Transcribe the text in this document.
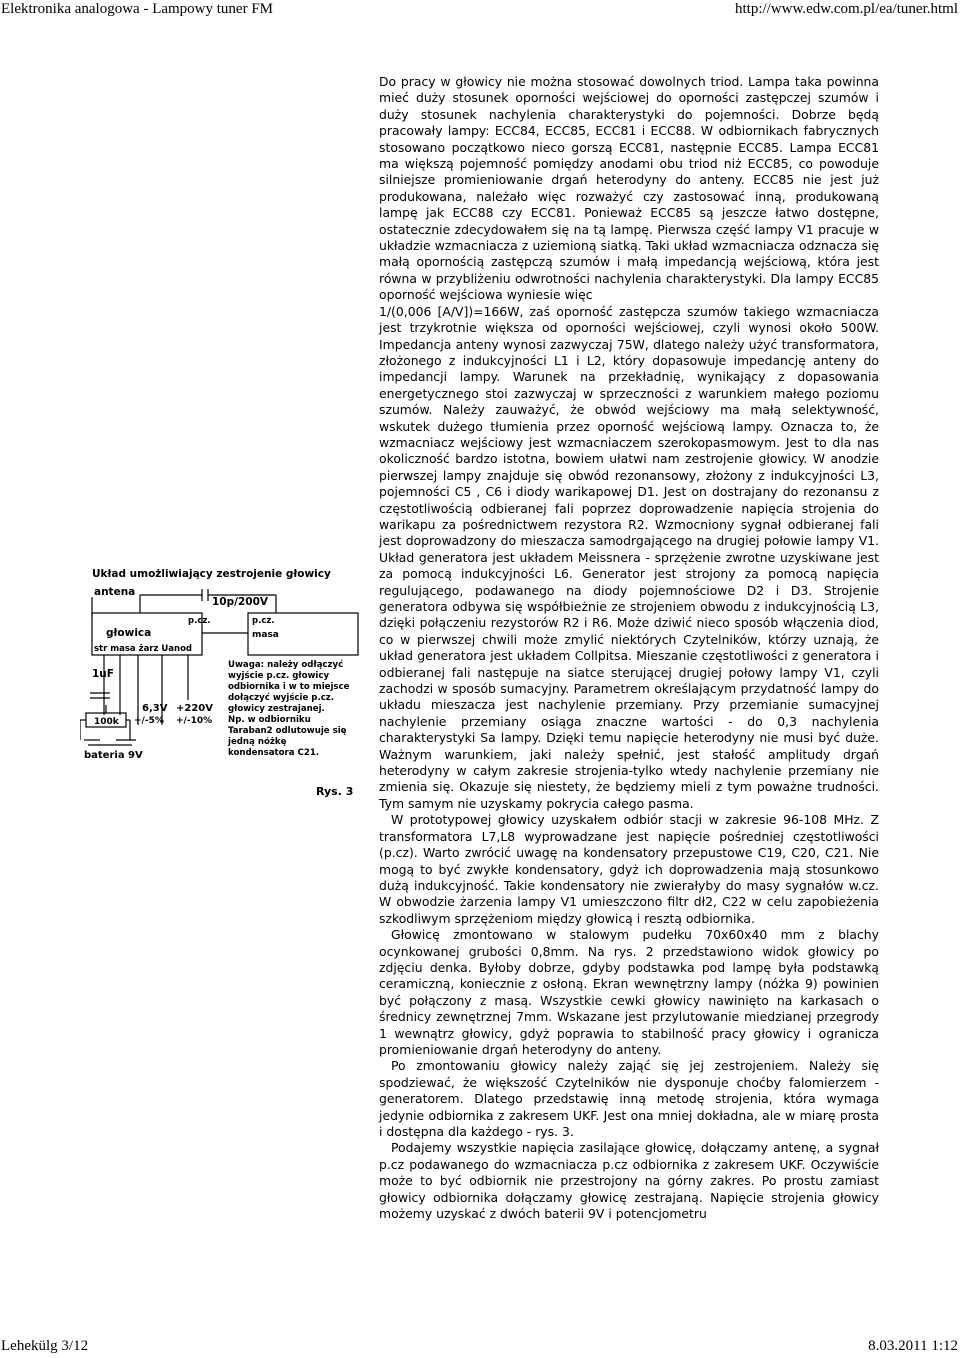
Elektronika analogowa - Lampowy tuner FM	http://www.edw.com.pl/ea/tuner.html
Układ umożliwiający zestrojenie głowicy
antena
10p/200V
p.cz.
głowica
str masa żarz Uanod
p.cz.
masa
1uF
6,3V +220V
+/-5% +/-10%
100k
bateria 9V
Uwaga: należy odłączyć
wyjście p.cz. głowicy
odbiornika i w to miejsce
dołączyć wyjście p.cz.
głowicy zestrajanej.
Np. w odbiorniku
Taraban2 odlutowuje się
jedną nóżkę
kondensatora C21.
Rys. 3

Do pracy w głowicy nie można stosować dowolnych triod. Lampa taka powinna mieć duży stosunek oporności wejściowej do oporności zastępczej szumów i duży stosunek nachylenia charakterystyki do pojemności. Dobrze będą pracowały lampy: ECC84, ECC85, ECC81 i ECC88. W odbiornikach fabrycznych stosowano początkowo nieco gorszą ECC81, następnie ECC85. Lampa ECC81 ma większą pojemność pomiędzy anodami obu triod niż ECC85, co powoduje silniejsze promieniowanie drgań heterodyny do anteny. ECC85 nie jest już produkowana, należało więc rozważyć czy zastosować inną, produkowaną lampę jak ECC88 czy ECC81. Ponieważ ECC85 są jeszcze łatwo dostępne, ostatecznie zdecydowałem się na tą lampę. Pierwsza część lampy V1 pracuje w układzie wzmacniacza z uziemioną siatką. Taki układ wzmacniacza odznacza się małą opornością zastępczą szumów i małą impedancją wejściową, która jest równa w przybliżeniu odwrotności nachylenia charakterystyki. Dla lampy ECC85 oporność wejściowa wyniesie więc

1/(0,006 [A/V])=166W, zaś oporność zastępcza szumów takiego wzmacniacza jest trzykrotnie większa od oporności wejściowej, czyli wynosi około 500W. Impedancja anteny wynosi zazwyczaj 75W, dlatego należy użyć transformatora, złożonego z indukcyjności L1 i L2, który dopasowuje impedancję anteny do impedancji lampy. Warunek na przekładnię, wynikający z dopasowania energetycznego stoi zazwyczaj w sprzeczności z warunkiem małego poziomu szumów. Należy zauważyć, że obwód wejściowy ma małą selektywność, wskutek dużego tłumienia przez oporność wejściową lampy. Oznacza to, że wzmacniacz wejściowy jest wzmacniaczem szerokopasmowym. Jest to dla nas okoliczność bardzo istotna, bowiem ułatwi nam zestrojenie głowicy. W anodzie pierwszej lampy znajduje się obwód rezonansowy, złożony z indukcyjności L3, pojemności C5 , C6 i diody warikapowej D1. Jest on dostrajany do rezonansu z częstotliwością odbieranej fali poprzez doprowadzenie napięcia strojenia do warikapu za pośrednictwem rezystora R2. Wzmocniony sygnał odbieranej fali jest doprowadzony do mieszacza samodrgającego na drugiej połowie lampy V1. Układ generatora jest układem Meissnera - sprzężenie zwrotne uzyskiwane jest za pomocą indukcyjności L6. Generator jest strojony za pomocą napięcia regulującego, podawanego na diody pojemnościowe D2 i D3. Strojenie generatora odbywa się współbieżnie ze strojeniem obwodu z indukcyjnością L3, dzięki połączeniu rezystorów R2 i R6. Może dziwić nieco sposób włączenia diod, co w pierwszej chwili może zmylić niektórych Czytelników, którzy uznają, że układ generatora jest układem Collpitsa. Mieszanie częstotliwości z generatora i odbieranej fali następuje na siatce sterującej drugiej połowy lampy V1, czyli zachodzi w sposób sumacyjny. Parametrem określającym przydatność lampy do układu mieszacza jest nachylenie przemiany. Przy przemianie sumacyjnej nachylenie przemiany osiąga znaczne wartości - do 0,3 nachylenia charakterystyki Sa lampy. Dzięki temu napięcie heterodyny nie musi być duże. Ważnym warunkiem, jaki należy spełnić, jest stałość amplitudy drgań heterodyny w całym zakresie strojenia-tylko wtedy nachylenie przemiany nie zmienia się. Okazuje się niestety, że będziemy mieli z tym poważne trudności. Tym samym nie uzyskamy pokrycia całego pasma.

W prototypowej głowicy uzyskałem odbiór stacji w zakresie 96-108 MHz. Z transformatora L7,L8 wyprowadzane jest napięcie pośredniej częstotliwości (p.cz). Warto zwrócić uwagę na kondensatory przepustowe C19, C20, C21. Nie mogą to być zwykłe kondensatory, gdyż ich doprowadzenia mają stosunkowo dużą indukcyjność. Takie kondensatory nie zwierałyby do masy sygnałów w.cz. W obwodzie żarzenia lampy V1 umieszczono filtr dł2, C22 w celu zapobieżenia szkodliwym sprzężeniom między głowicą i resztą odbiornika.

Głowicę zmontowano w stalowym pudełku 70x60x40 mm z blachy ocynkowanej grubości 0,8mm. Na rys. 2 przedstawiono widok głowicy po zdjęciu denka. Byłoby dobrze, gdyby podstawka pod lampę była podstawką ceramiczną, koniecznie z osłoną. Ekran wewnętrzny lampy (nóżka 9) powinien być połączony z masą. Wszystkie cewki głowicy nawinięto na karkasach o średnicy zewnętrznej 7mm. Wskazane jest przylutowanie miedzianej przegrody 1 wewnątrz głowicy, gdyż poprawia to stabilność pracy głowicy i ogranicza promieniowanie drgań heterodyny do anteny.

Po zmontowaniu głowicy należy zająć się jej zestrojeniem. Należy się spodziewać, że większość Czytelników nie dysponuje choćby falomierzem - generatorem. Dlatego przedstawię inną metodę strojenia, która wymaga jedynie odbiornika z zakresem UKF. Jest ona mniej dokładna, ale w miarę prosta i dostępna dla każdego - rys. 3.

Podajemy wszystkie napięcia zasilające głowicę, dołączamy antenę, a sygnał p.cz podawanego do wzmacniacza p.cz odbiornika z zakresem UKF. Oczywiście może to być odbiornik nie przestrojony na górny zakres. Po prostu zamiast głowicy odbiornika dołączamy głowicę zestrajaną. Napięcie strojenia głowicy możemy uzyskać z dwóch baterii 9V i potencjometru

Lehekülg 3/12	8.03.2011 1:12
